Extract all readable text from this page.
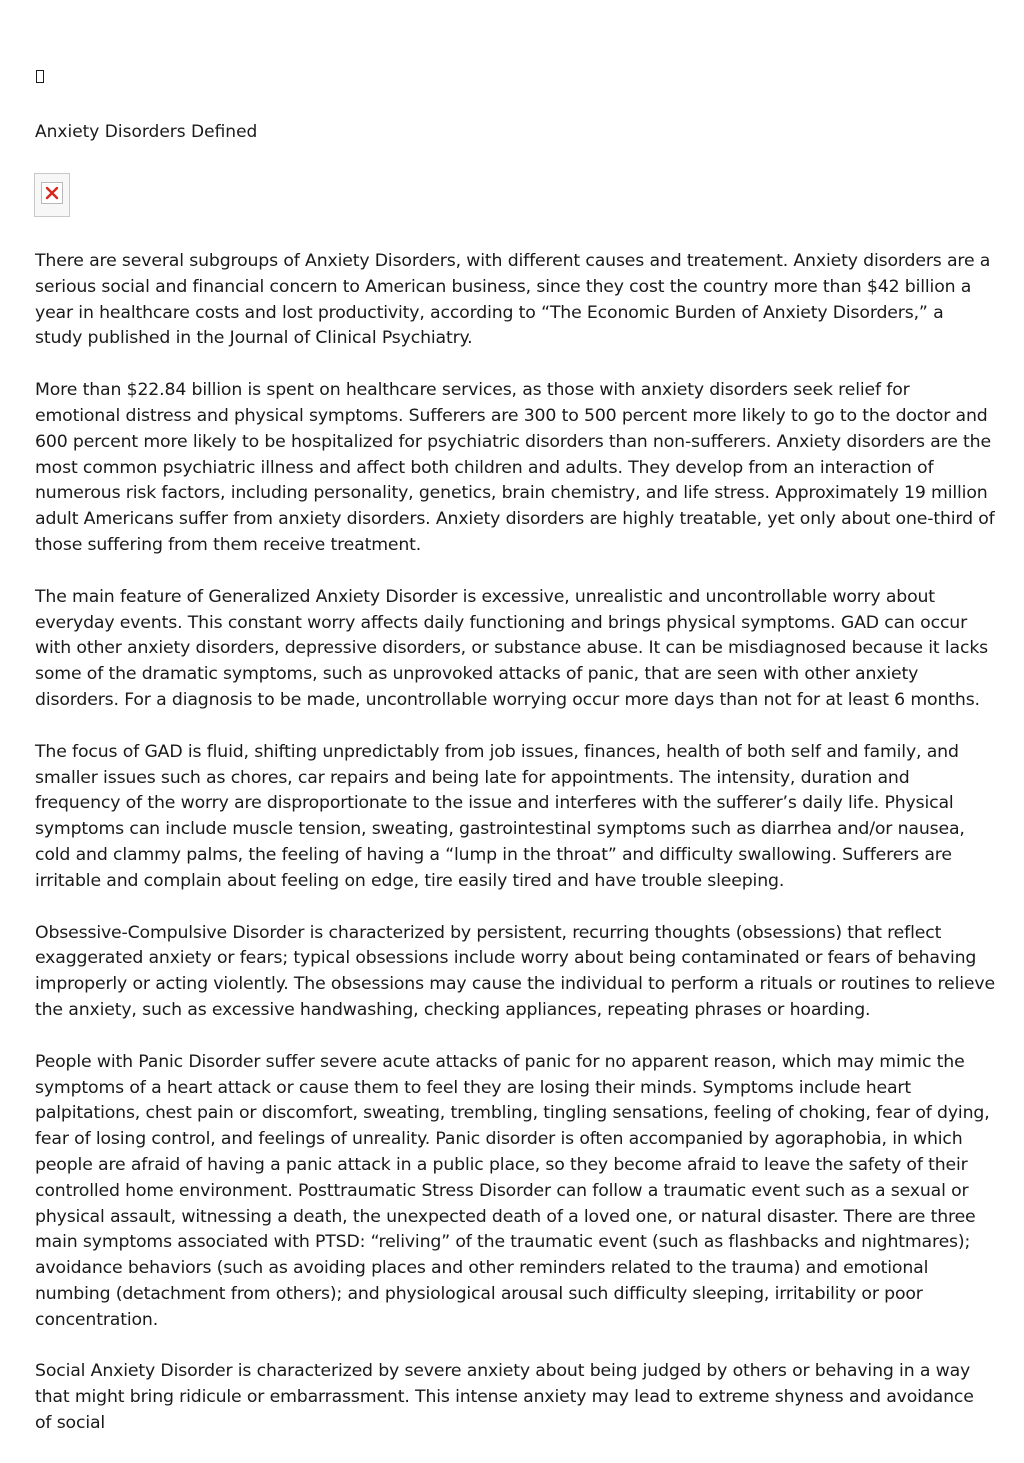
Anxiety Disorders Defined

There are several subgroups of Anxiety Disorders, with different causes and treatement. Anxiety disorders are a serious social and financial concern to American business, since they cost the country more than $42 billion a year in healthcare costs and lost productivity, according to “The Economic Burden of Anxiety Disorders,” a study published in the Journal of Clinical Psychiatry.

More than $22.84 billion is spent on healthcare services, as those with anxiety disorders seek relief for emotional distress and physical symptoms. Sufferers are 300 to 500 percent more likely to go to the doctor and 600 percent more likely to be hospitalized for psychiatric disorders than non-sufferers. Anxiety disorders are the most common psychiatric illness and affect both children and adults. They develop from an interaction of numerous risk factors, including personality, genetics, brain chemistry, and life stress. Approximately 19 million adult Americans suffer from anxiety disorders. Anxiety disorders are highly treatable, yet only about one-third of those suffering from them receive treatment.

The main feature of Generalized Anxiety Disorder is excessive, unrealistic and uncontrollable worry about everyday events. This constant worry affects daily functioning and brings physical symptoms. GAD can occur with other anxiety disorders, depressive disorders, or substance abuse. It can be misdiagnosed because it lacks some of the dramatic symptoms, such as unprovoked attacks of panic, that are seen with other anxiety disorders. For a diagnosis to be made, uncontrollable worrying occur more days than not for at least 6 months.

The focus of GAD is fluid, shifting unpredictably from job issues, finances, health of both self and family, and smaller issues such as chores, car repairs and being late for appointments. The intensity, duration and frequency of the worry are disproportionate to the issue and interferes with the sufferer’s daily life. Physical symptoms can include muscle tension, sweating, gastrointestinal symptoms such as diarrhea and/or nausea, cold and clammy palms, the feeling of having a “lump in the throat” and difficulty swallowing. Sufferers are irritable and complain about feeling on edge, tire easily tired and have trouble sleeping.

Obsessive-Compulsive Disorder is characterized by persistent, recurring thoughts (obsessions) that reflect exaggerated anxiety or fears; typical obsessions include worry about being contaminated or fears of behaving improperly or acting violently. The obsessions may cause the individual to perform a rituals or routines to relieve the anxiety, such as excessive handwashing, checking appliances, repeating phrases or hoarding.

People with Panic Disorder suffer severe acute attacks of panic for no apparent reason, which may mimic the symptoms of a heart attack or cause them to feel they are losing their minds. Symptoms include heart palpitations, chest pain or discomfort, sweating, trembling, tingling sensations, feeling of choking, fear of dying, fear of losing control, and feelings of unreality. Panic disorder is often accompanied by agoraphobia, in which people are afraid of having a panic attack in a public place, so they become afraid to leave the safety of their controlled home environment. Posttraumatic Stress Disorder can follow a traumatic event such as a sexual or physical assault, witnessing a death, the unexpected death of a loved one, or natural disaster. There are three main symptoms associated with PTSD: “reliving” of the traumatic event (such as flashbacks and nightmares); avoidance behaviors (such as avoiding places and other reminders related to the trauma) and emotional numbing (detachment from others); and physiological arousal such difficulty sleeping, irritability or poor concentration.

Social Anxiety Disorder is characterized by severe anxiety about being judged by others or behaving in a way that might bring ridicule or embarrassment. This intense anxiety may lead to extreme shyness and avoidance of social
